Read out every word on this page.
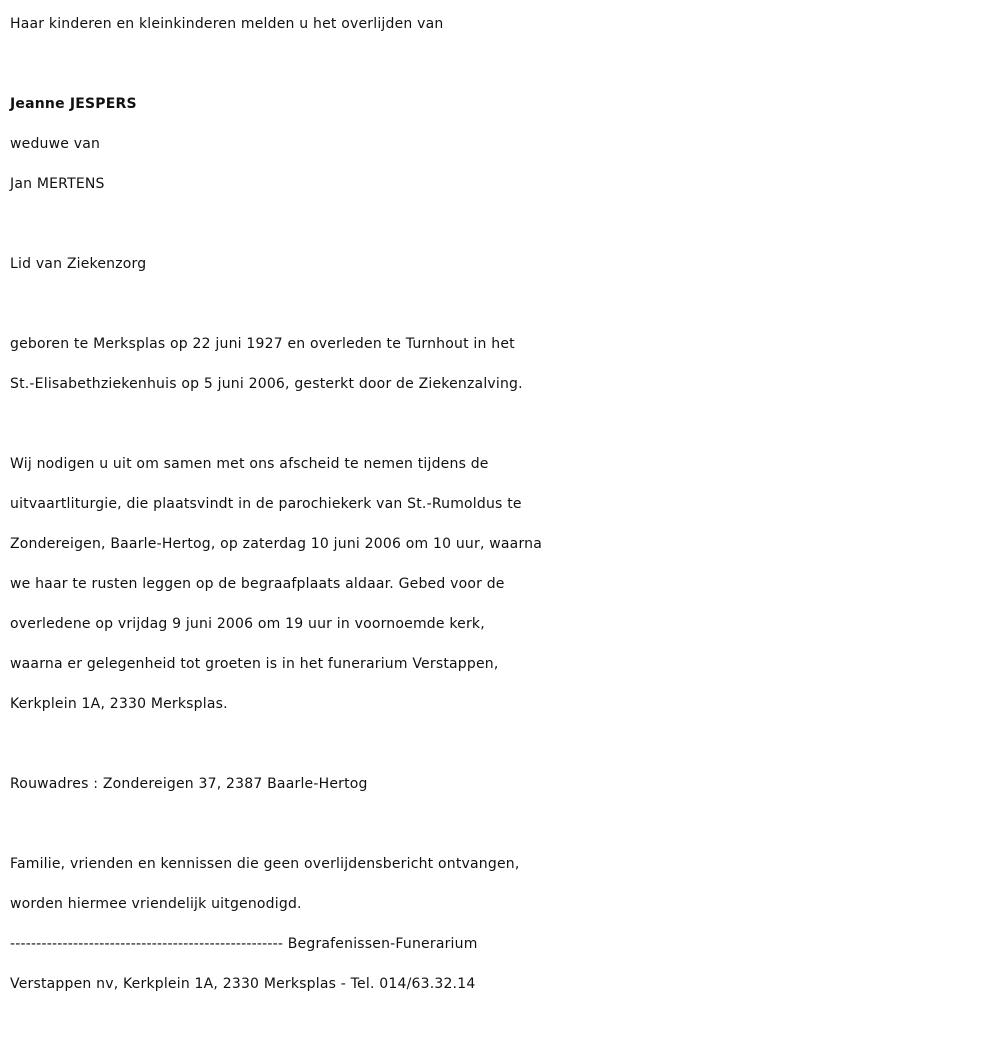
Haar kinderen en kleinkinderen melden u het overlijden van
Jeanne JESPERS
weduwe van
Jan MERTENS
Lid van Ziekenzorg
geboren te Merksplas op 22 juni 1927 en overleden te Turnhout in het
St.-Elisabethziekenhuis op 5 juni 2006, gesterkt door de Ziekenzalving.
Wij nodigen u uit om samen met ons afscheid te nemen tijdens de
uitvaartliturgie, die plaatsvindt in de parochiekerk van St.-Rumoldus te
Zondereigen, Baarle-Hertog, op zaterdag 10 juni 2006 om 10 uur, waarna
we haar te rusten leggen op de begraafplaats aldaar. Gebed voor de
overledene op vrijdag 9 juni 2006 om 19 uur in voornoemde kerk,
waarna er gelegenheid tot groeten is in het funerarium Verstappen,
Kerkplein 1A, 2330 Merksplas.
Rouwadres : Zondereigen 37, 2387 Baarle-Hertog
Familie, vrienden en kennissen die geen overlijdensbericht ontvangen,
worden hiermee vriendelijk uitgenodigd.
---------------------------------------------------- Begrafenissen-Funerarium
Verstappen nv, Kerkplein 1A, 2330 Merksplas - Tel. 014/63.32.14
